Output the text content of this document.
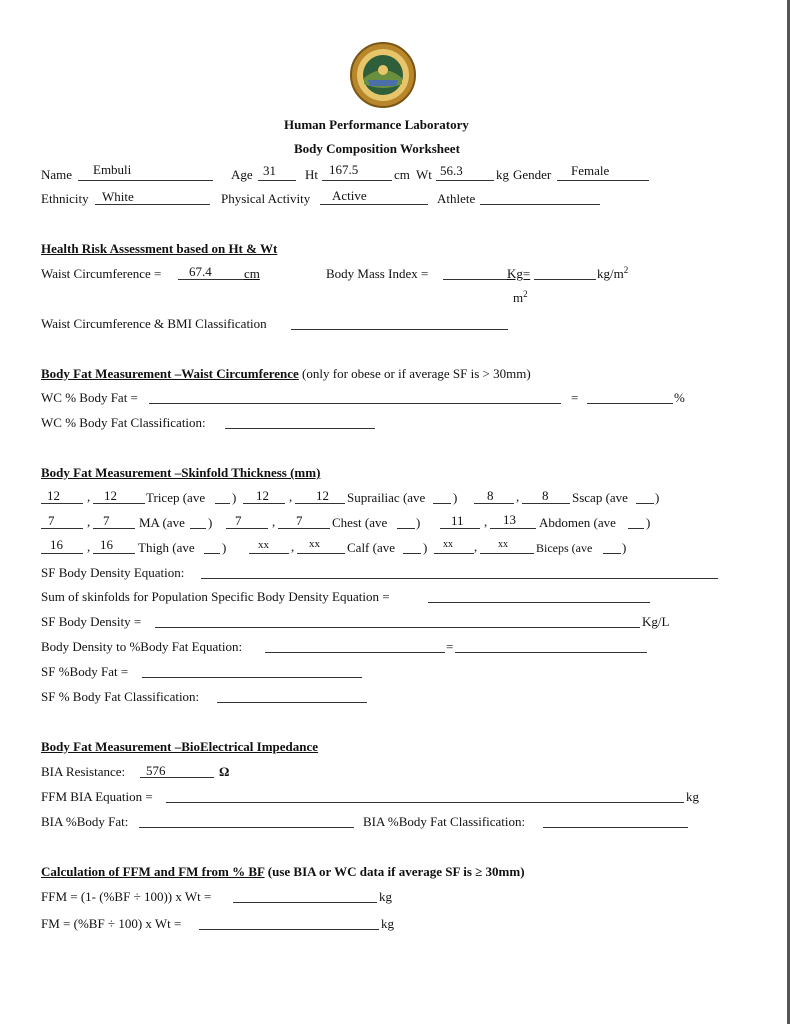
Human Performance Laboratory
Body Composition Worksheet
Name Embuli	Age 31 Ht 167.5	cm Wt 56.3	kg Gender Female
Ethnicity White	Physical Activity Active	Athlete
Health Risk Assessment based on Ht & Wt
Waist Circumference = 67.4 cm	Body Mass Index =	Kg=	$kg/m^2$
$m^2$
Waist Circumference & BMI Classification
Body Fat Measurement –Waist Circumference (only for obese or if average SF is > 30mm)
WC % Body Fat =	=	%
WC % Body Fat Classification:
Body Fat Measurement –Skinfold Thickness (mm)
12 , 12 Tricep (ave ) 12 , 12 Suprailiac (ave ) 8 , 8 Sscap (ave )
7	, 7 MA (ave ) 7 , 7 Chest (ave ) 11 , 13 Abdomen (ave )
16 , 16 Thigh (ave )	xx , xx Calf (ave ) xx , xx Biceps (ave )
SF Body Density Equation:
Sum of skinfolds for Population Specific Body Density Equation =
SF Body Density =	Kg/L
Body Density to %Body Fat Equation:	=
SF %Body Fat =
SF % Body Fat Classification:
Body Fat Measurement –BioElectrical Impedance
BIA Resistance: 576	Ω
FFM BIA Equation =	kg
BIA %Body Fat:	BIA %Body Fat Classification:
Calculation of FFM and FM from % BF (use BIA or WC data if average SF is ≥ 30mm)
FFM = (1- (%BF ÷ 100)) x Wt =	kg
FM = (%BF ÷ 100) x Wt =	kg
